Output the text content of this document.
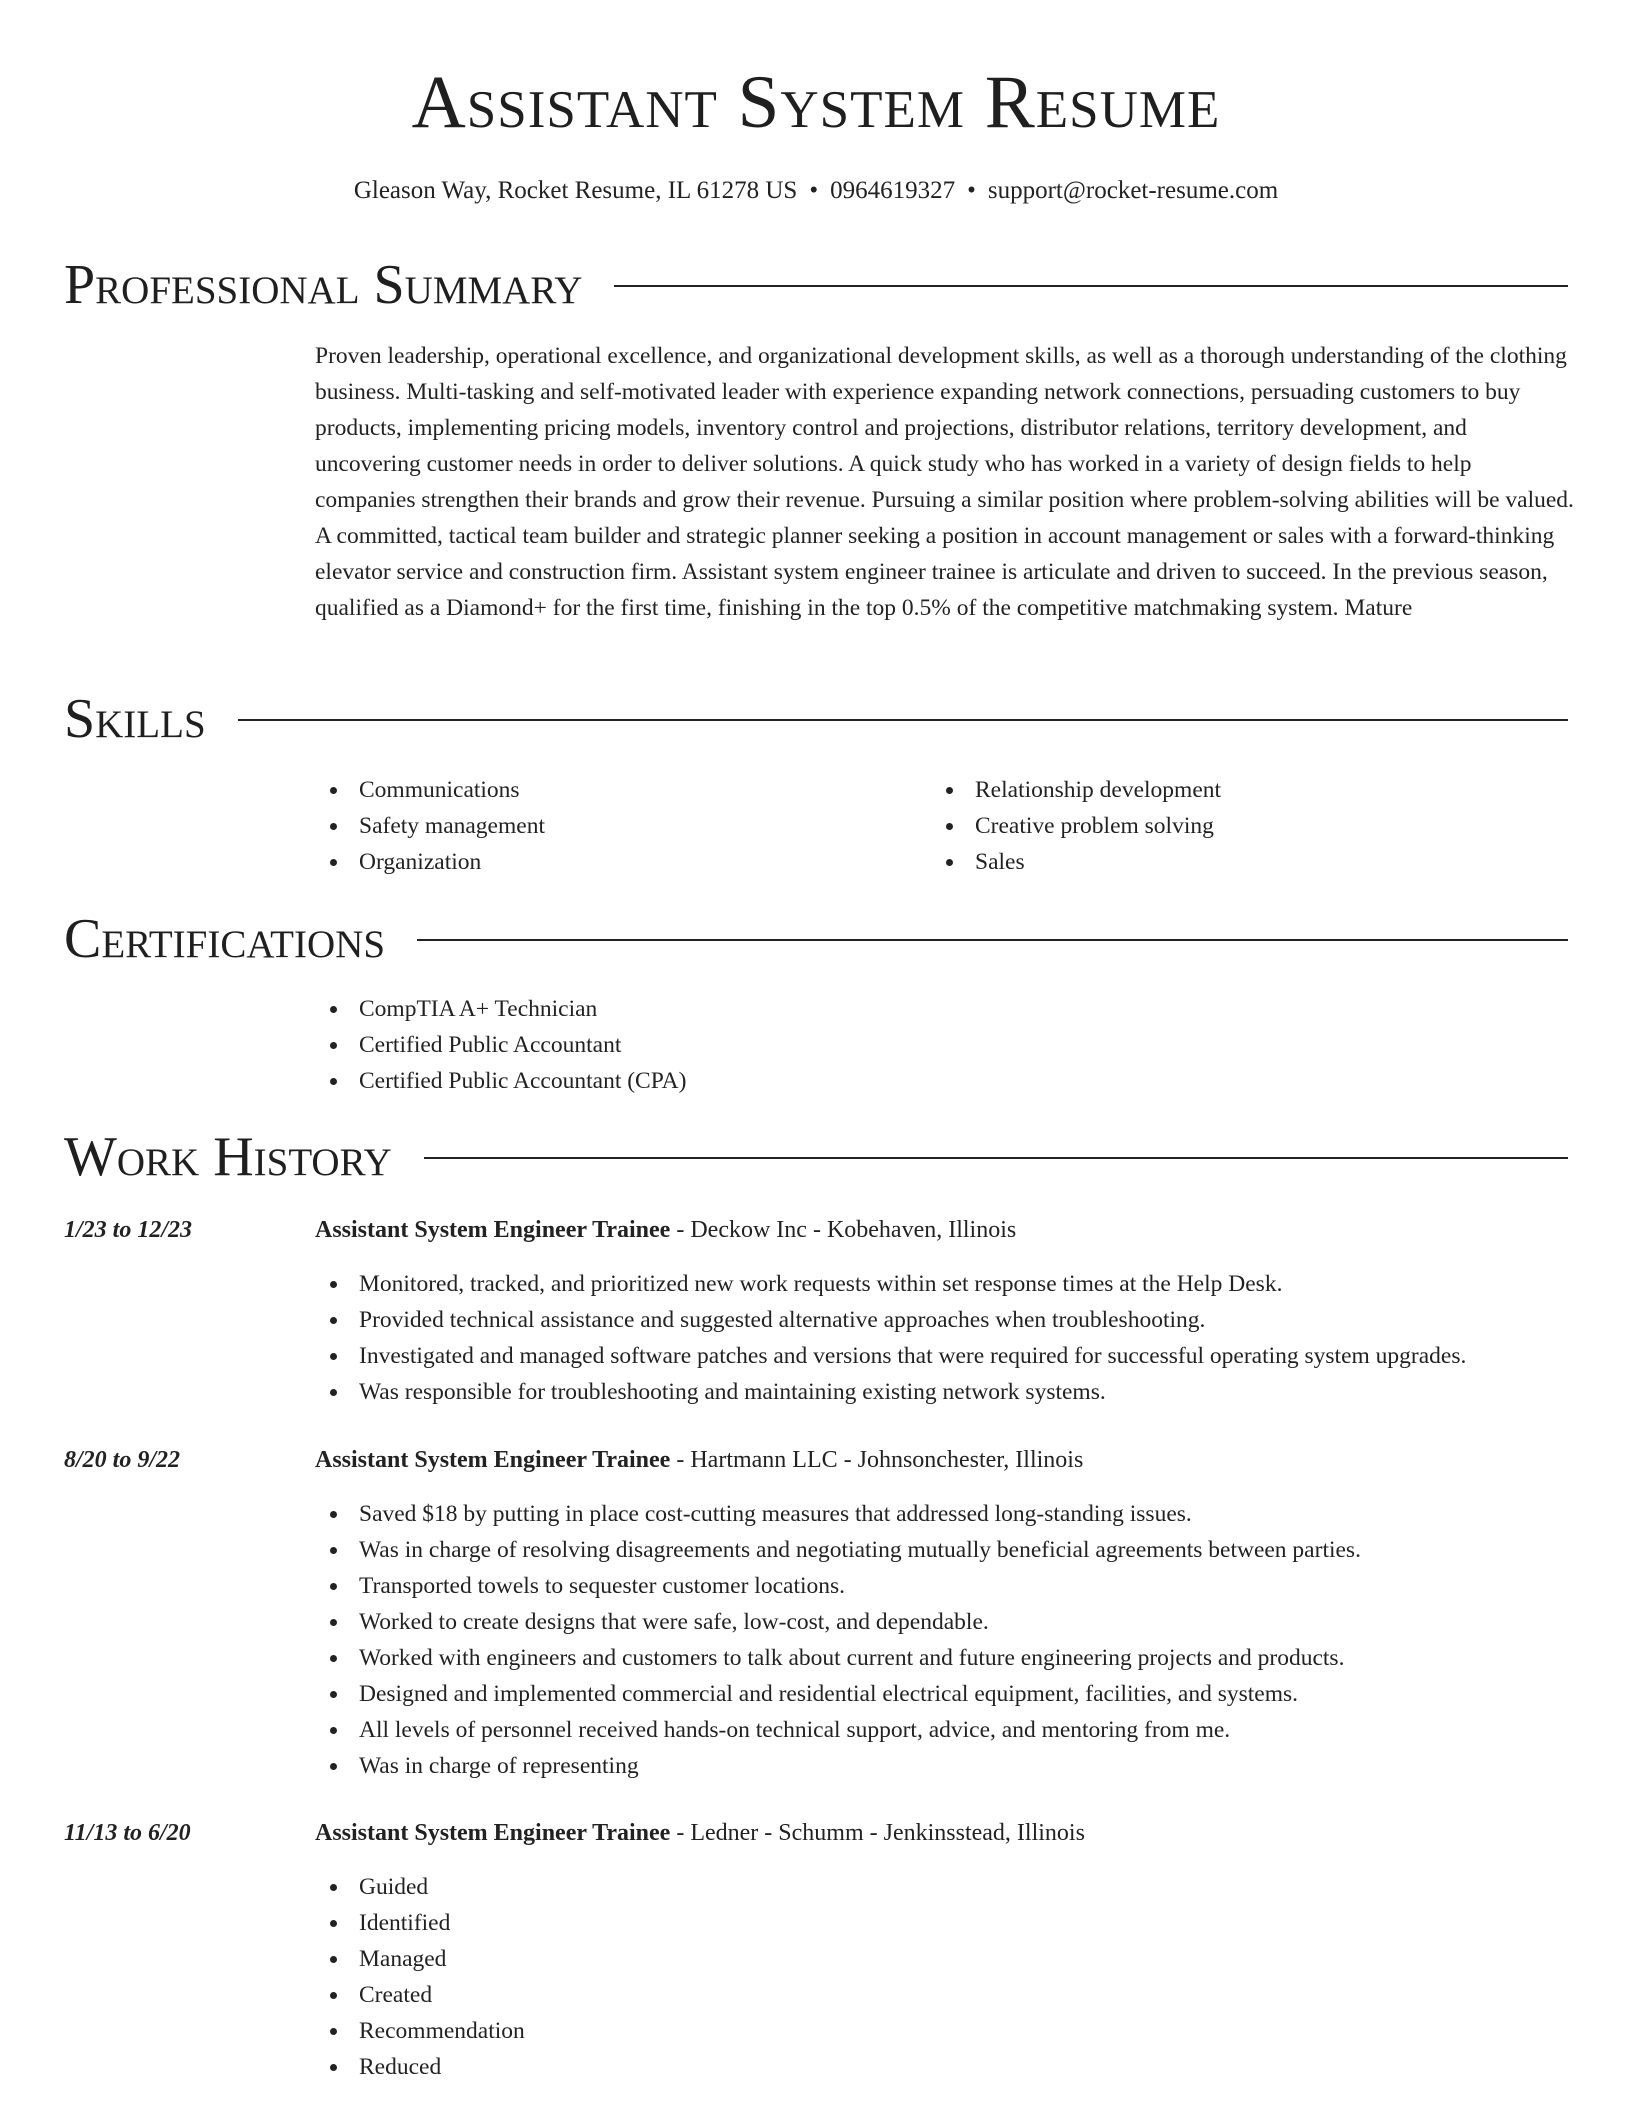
Assistant System Resume
Gleason Way, Rocket Resume, IL 61278 US • 0964619327 • support@rocket-resume.com
Professional Summary

Proven leadership, operational excellence, and organizational development skills, as well as a thorough understanding of the clothing business. Multi-tasking and self-motivated leader with experience expanding network connections, persuading customers to buy products, implementing pricing models, inventory control and projections, distributor relations, territory development, and uncovering customer needs in order to deliver solutions. A quick study who has worked in a variety of design fields to help companies strengthen their brands and grow their revenue. Pursuing a similar position where problem-solving abilities will be valued. A committed, tactical team builder and strategic planner seeking a position in account management or sales with a forward-thinking elevator service and construction firm. Assistant system engineer trainee is articulate and driven to succeed. In the previous season, qualified as a Diamond+ for the first time, finishing in the top 0.5% of the competitive matchmaking system. Mature

Skills
Communications
Safety management
Organization
Relationship development
Creative problem solving
Sales
Certifications
CompTIA A+ Technician
Certified Public Accountant
Certified Public Accountant (CPA)
Work History
1/23 to 12/23	Assistant System Engineer Trainee - Deckow Inc - Kobehaven, Illinois
Monitored, tracked, and prioritized new work requests within set response times at the Help Desk.
Provided technical assistance and suggested alternative approaches when troubleshooting.
Investigated and managed software patches and versions that were required for successful operating system upgrades.
Was responsible for troubleshooting and maintaining existing network systems.
8/20 to 9/22	Assistant System Engineer Trainee - Hartmann LLC - Johnsonchester, Illinois
Saved $18 by putting in place cost-cutting measures that addressed long-standing issues.
Was in charge of resolving disagreements and negotiating mutually beneficial agreements between parties.
Transported towels to sequester customer locations.
Worked to create designs that were safe, low-cost, and dependable.
Worked with engineers and customers to talk about current and future engineering projects and products.
Designed and implemented commercial and residential electrical equipment, facilities, and systems.
All levels of personnel received hands-on technical support, advice, and mentoring from me.
Was in charge of representing
11/13 to 6/20	Assistant System Engineer Trainee - Ledner - Schumm - Jenkinsstead, Illinois
Guided
Identified
Managed
Created
Recommendation
Reduced
